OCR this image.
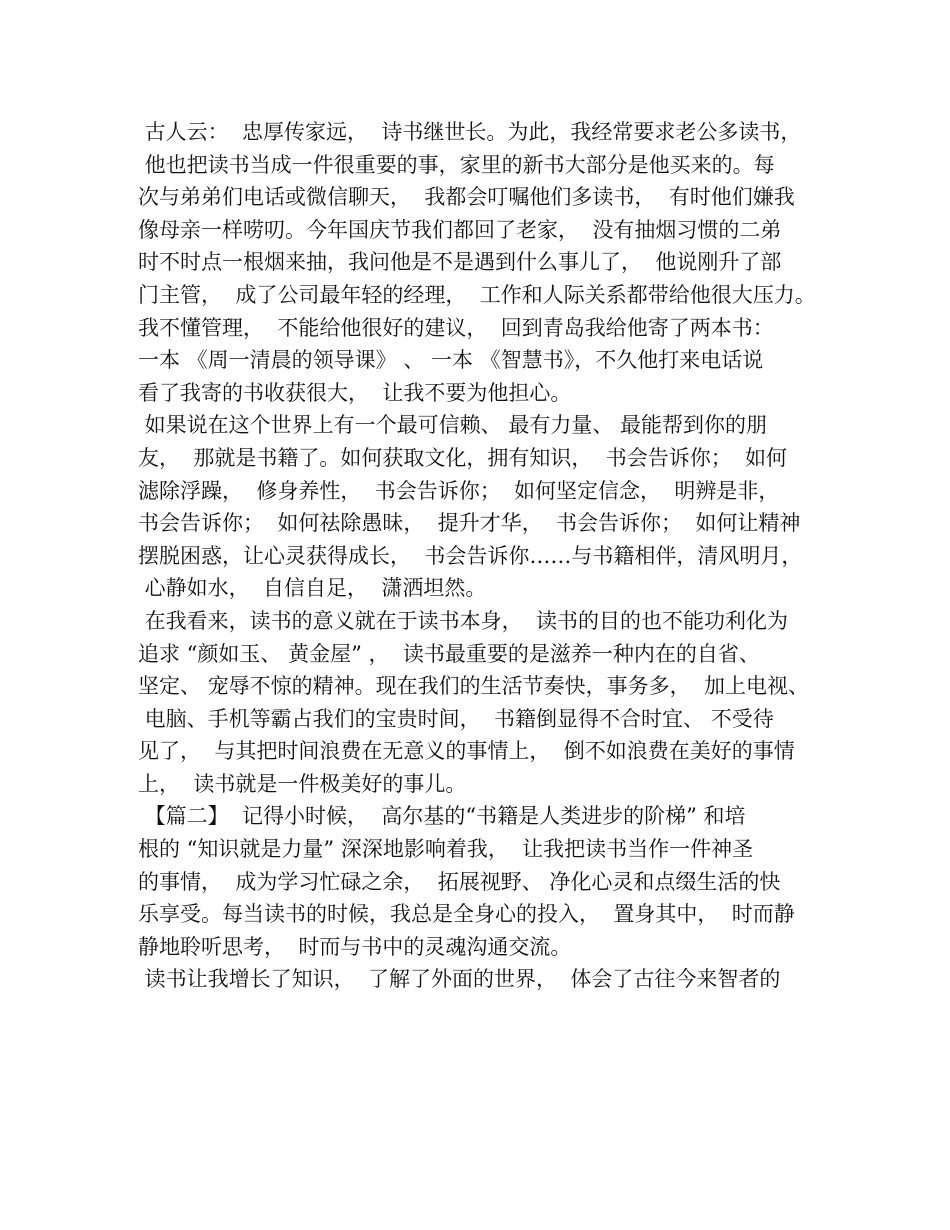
古人云：  忠厚传家远，  诗书继世长。为此，我经常要求老公多读书，
他也把读书当成一件很重要的事，家里的新书大部分是他买来的。每
次与弟弟们电话或微信聊天，  我都会叮嘱他们多读书，  有时他们嫌我
像母亲一样唠叨。今年国庆节我们都回了老家，  没有抽烟习惯的二弟
时不时点一根烟来抽，我问他是不是遇到什么事儿了，  他说刚升了部
门主管，  成了公司最年轻的经理，  工作和人际关系都带给他很大压力。
我不懂管理，  不能给他很好的建议，  回到青岛我给他寄了两本书：
一本 《周一清晨的领导课》 、 一本 《智慧书》，不久他打来电话说
看了我寄的书收获很大，  让我不要为他担心。
如果说在这个世界上有一个最可信赖、 最有力量、 最能帮到你的朋
友，  那就是书籍了。如何获取文化，拥有知识，  书会告诉你；  如何
滤除浮躁，  修身养性，  书会告诉你；  如何坚定信念，  明辨是非，
书会告诉你；  如何祛除愚昧，  提升才华，  书会告诉你；  如何让精神
摆脱困惑，让心灵获得成长，  书会告诉你……与书籍相伴，清风明月，
心静如水，  自信自足，  潇洒坦然。
在我看来，读书的意义就在于读书本身，  读书的目的也不能功利化为
追求 “颜如玉、 黄金屋” ，  读书最重要的是滋养一种内在的自省、
坚定、 宠辱不惊的精神。现在我们的生活节奏快，事务多，  加上电视、
电脑、手机等霸占我们的宝贵时间，  书籍倒显得不合时宜、 不受待
见了，  与其把时间浪费在无意义的事情上，  倒不如浪费在美好的事情
上，  读书就是一件极美好的事儿。
【篇二】  记得小时候，  高尔基的“书籍是人类进步的阶梯” 和培
根的 “知识就是力量” 深深地影响着我，  让我把读书当作一件神圣
的事情，  成为学习忙碌之余，  拓展视野、 净化心灵和点缀生活的快
乐享受。每当读书的时候，我总是全身心的投入，  置身其中，  时而静
静地聆听思考，  时而与书中的灵魂沟通交流。
读书让我增长了知识，  了解了外面的世界，  体会了古往今来智者的
